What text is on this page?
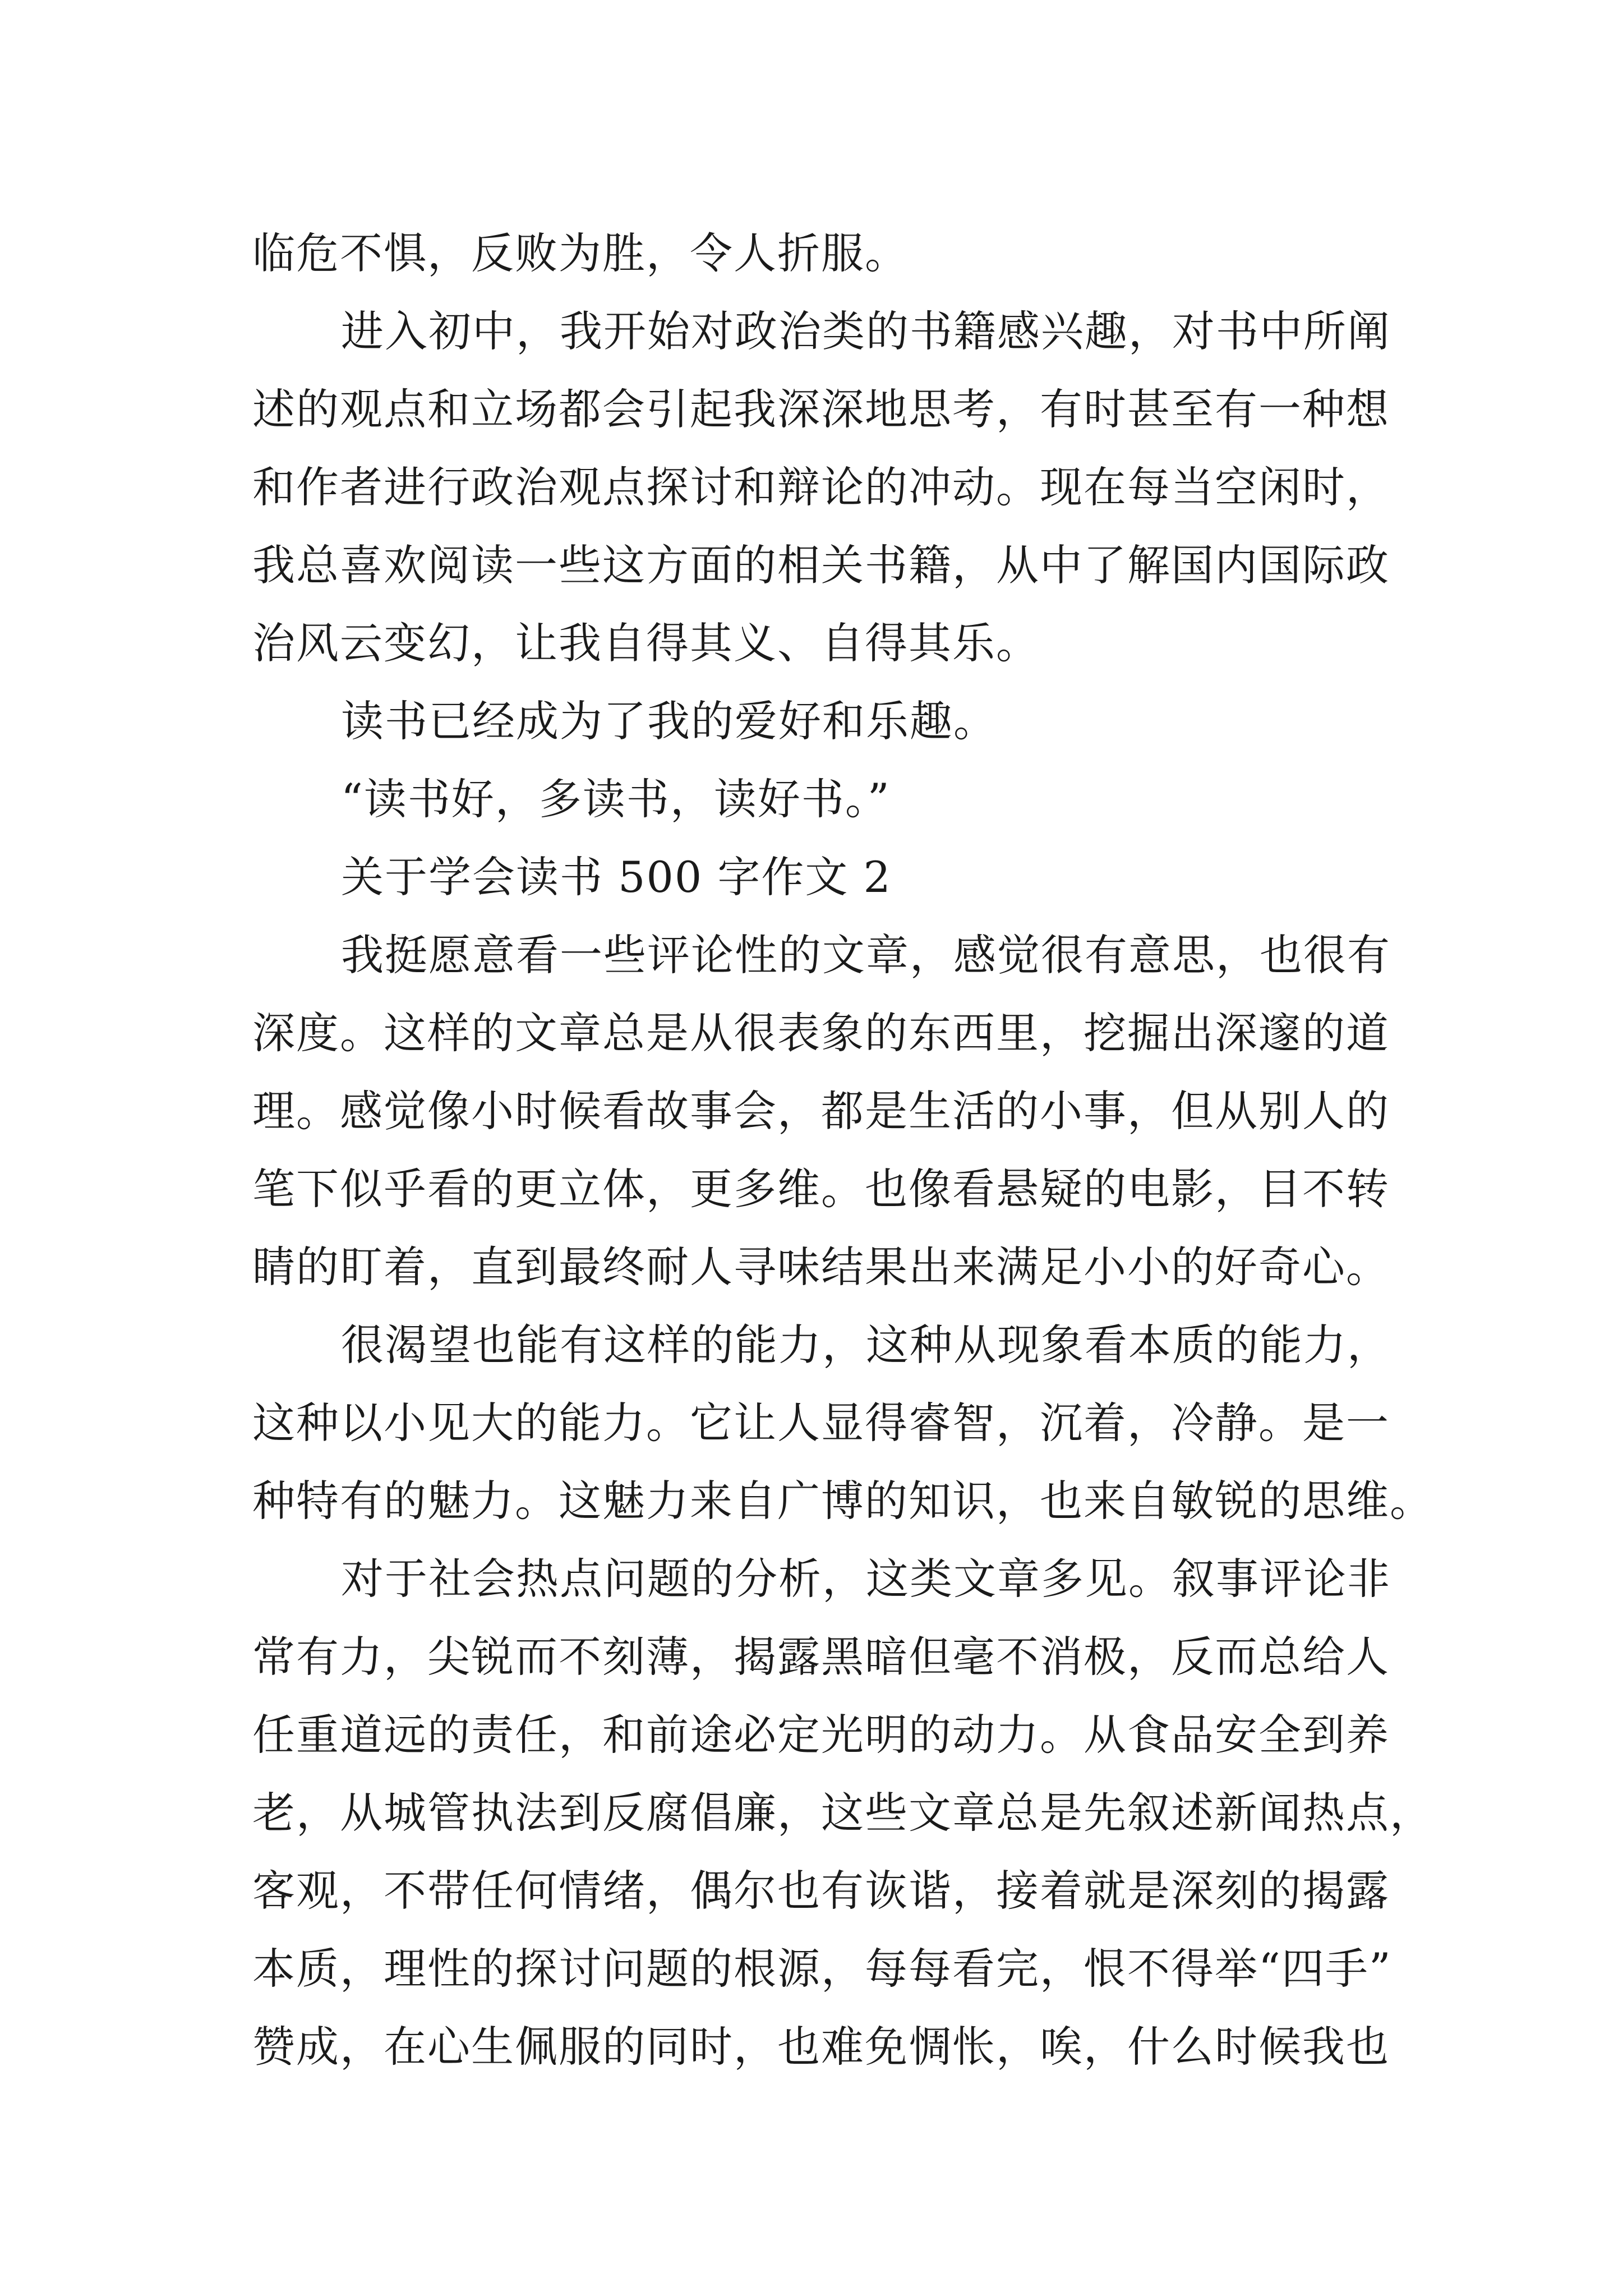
临危不惧，反败为胜，令人折服。
进入初中，我开始对政治类的书籍感兴趣，对书中所阐
述的观点和立场都会引起我深深地思考，有时甚至有一种想
和作者进行政治观点探讨和辩论的冲动。现在每当空闲时，
我总喜欢阅读一些这方面的相关书籍，从中了解国内国际政
治风云变幻，让我自得其义、自得其乐。
读书已经成为了我的爱好和乐趣。
“读书好，多读书，读好书。”
关于学会读书 500 字作文 2
我挺愿意看一些评论性的文章，感觉很有意思，也很有
深度。这样的文章总是从很表象的东西里，挖掘出深邃的道
理。感觉像小时候看故事会，都是生活的小事，但从别人的
笔下似乎看的更立体，更多维。也像看悬疑的电影，目不转
睛的盯着，直到最终耐人寻味结果出来满足小小的好奇心。
很渴望也能有这样的能力，这种从现象看本质的能力，
这种以小见大的能力。它让人显得睿智，沉着，冷静。是一
种特有的魅力。这魅力来自广博的知识，也来自敏锐的思维。
对于社会热点问题的分析，这类文章多见。叙事评论非
常有力，尖锐而不刻薄，揭露黑暗但毫不消极，反而总给人
任重道远的责任，和前途必定光明的动力。从食品安全到养
老，从城管执法到反腐倡廉，这些文章总是先叙述新闻热点，
客观，不带任何情绪，偶尔也有诙谐，接着就是深刻的揭露
本质，理性的探讨问题的根源，每每看完，恨不得举“四手”
赞成，在心生佩服的同时，也难免惆怅，唉，什么时候我也
